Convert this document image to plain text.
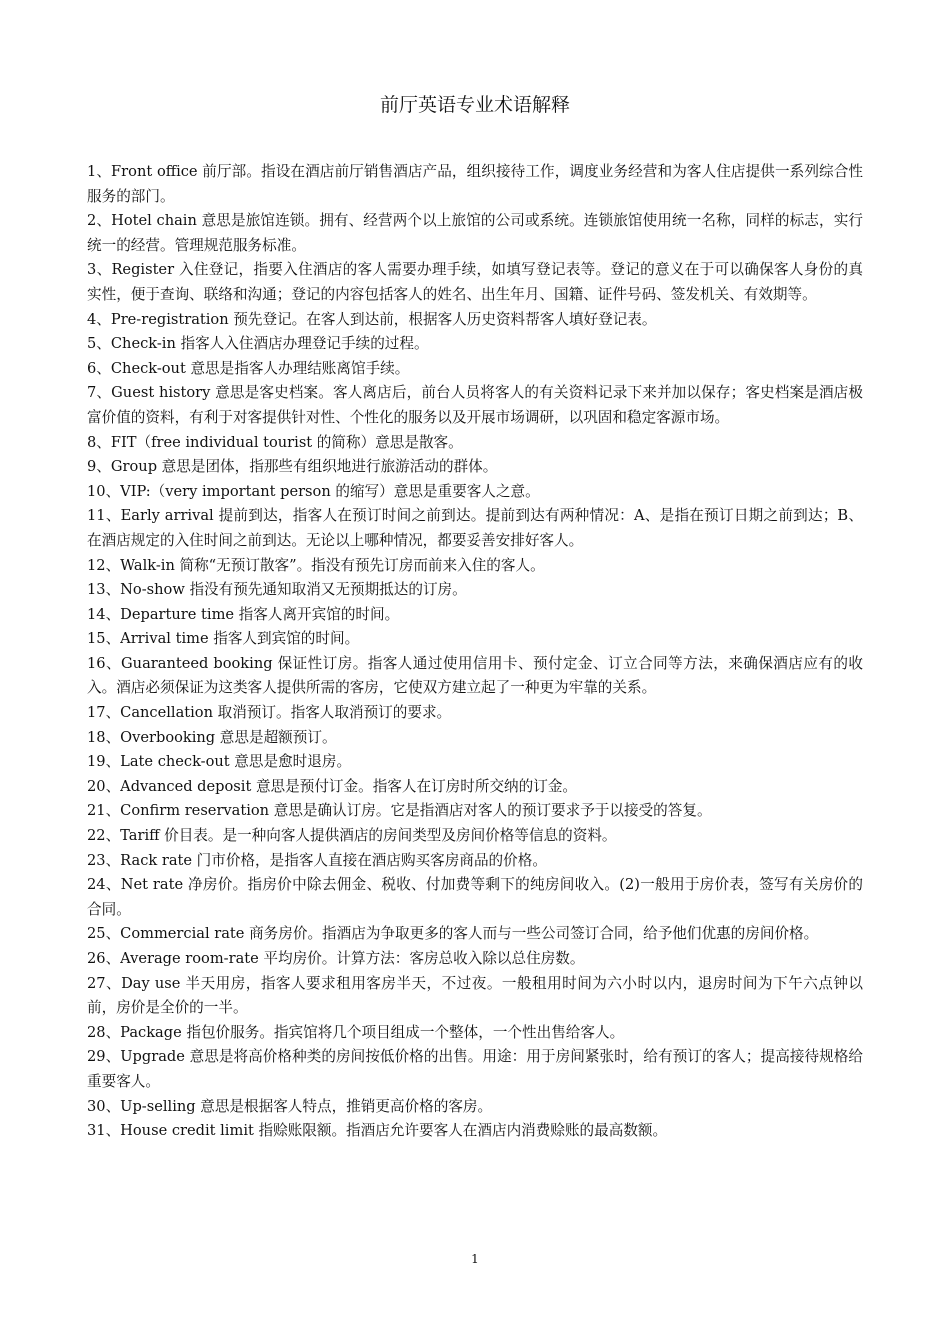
前厅英语专业术语解释
1、Front office 前厅部。指设在酒店前厅销售酒店产品，组织接待工作，调度业务经营和为客人住店提供一系列综合性服务的部门。
2、Hotel chain 意思是旅馆连锁。拥有、经营两个以上旅馆的公司或系统。连锁旅馆使用统一名称，同样的标志，实行统一的经营。管理规范服务标准。
3、Register 入住登记，指要入住酒店的客人需要办理手续，如填写登记表等。登记的意义在于可以确保客人身份的真实性，便于查询、联络和沟通；登记的内容包括客人的姓名、出生年月、国籍、证件号码、签发机关、有效期等。
4、Pre-registration 预先登记。在客人到达前，根据客人历史资料帮客人填好登记表。
5、Check-in 指客人入住酒店办理登记手续的过程。
6、Check-out 意思是指客人办理结账离馆手续。
7、Guest history 意思是客史档案。客人离店后，前台人员将客人的有关资料记录下来并加以保存；客史档案是酒店极富价值的资料，有利于对客提供针对性、个性化的服务以及开展市场调研，以巩固和稳定客源市场。
8、FIT（free individual tourist 的简称）意思是散客。
9、Group 意思是团体，指那些有组织地进行旅游活动的群体。
10、VIP:（very important person 的缩写）意思是重要客人之意。
11、Early arrival 提前到达，指客人在预订时间之前到达。提前到达有两种情况：A、是指在预订日期之前到达；B、在酒店规定的入住时间之前到达。无论以上哪种情况，都要妥善安排好客人。
12、Walk-in 简称“无预订散客”。指没有预先订房而前来入住的客人。
13、No-show 指没有预先通知取消又无预期抵达的订房。
14、Departure time 指客人离开宾馆的时间。
15、Arrival time 指客人到宾馆的时间。
16、Guaranteed booking 保证性订房。指客人通过使用信用卡、预付定金、订立合同等方法，来确保酒店应有的收入。酒店必须保证为这类客人提供所需的客房，它使双方建立起了一种更为牢靠的关系。
17、Cancellation 取消预订。指客人取消预订的要求。
18、Overbooking 意思是超额预订。
19、Late check-out 意思是愈时退房。
20、Advanced deposit 意思是预付订金。指客人在订房时所交纳的订金。
21、Confirm reservation 意思是确认订房。它是指酒店对客人的预订要求予于以接受的答复。
22、Tariff 价目表。是一种向客人提供酒店的房间类型及房间价格等信息的资料。
23、Rack rate 门市价格，是指客人直接在酒店购买客房商品的价格。
24、Net rate 净房价。指房价中除去佣金、税收、付加费等剩下的纯房间收入。(2)一般用于房价表，签写有关房价的合同。
25、Commercial rate 商务房价。指酒店为争取更多的客人而与一些公司签订合同，给予他们优惠的房间价格。
26、Average room-rate 平均房价。计算方法：客房总收入除以总住房数。
27、Day use 半天用房，指客人要求租用客房半天，不过夜。一般租用时间为六小时以内，退房时间为下午六点钟以前，房价是全价的一半。
28、Package 指包价服务。指宾馆将几个项目组成一个整体，一个性出售给客人。
29、Upgrade 意思是将高价格种类的房间按低价格的出售。用途：用于房间紧张时，给有预订的客人；提高接待规格给重要客人。
30、Up-selling 意思是根据客人特点，推销更高价格的客房。
31、House credit limit 指赊账限额。指酒店允许要客人在酒店内消费赊账的最高数额。
1
